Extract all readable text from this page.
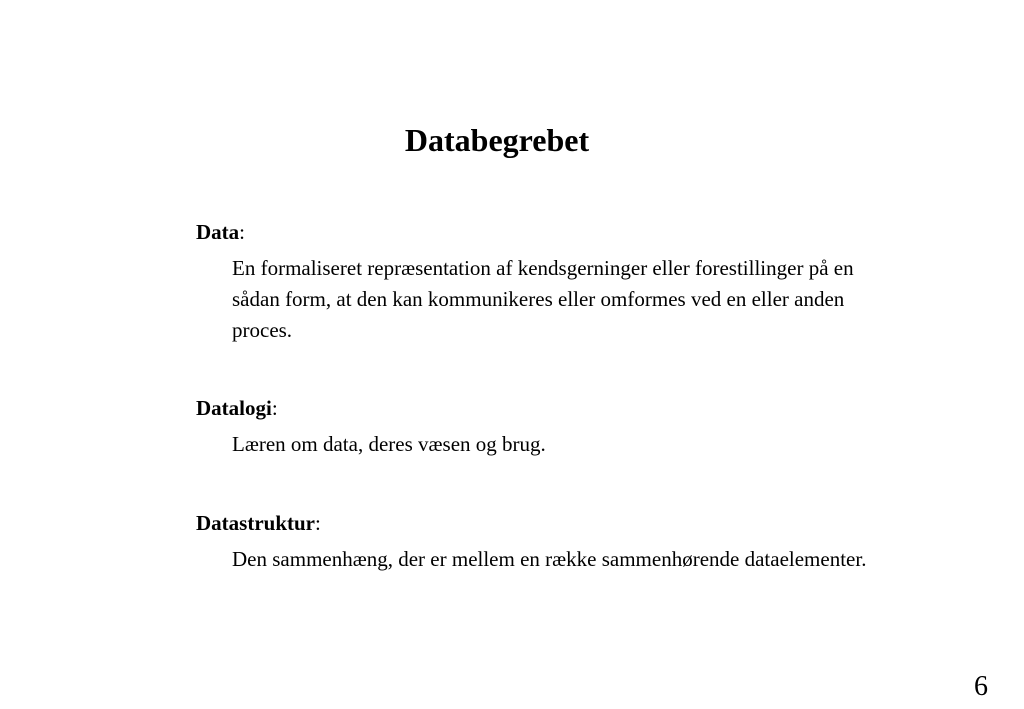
Databegrebet

Data:

En formaliseret repræsentation af kendsgerninger eller forestillinger på en sådan form, at den kan kommunikeres eller omformes ved en eller anden proces.

Datalogi:

Læren om data, deres væsen og brug.

Datastruktur:

Den sammenhæng, der er mellem en række sammenhørende dataelementer.
6
